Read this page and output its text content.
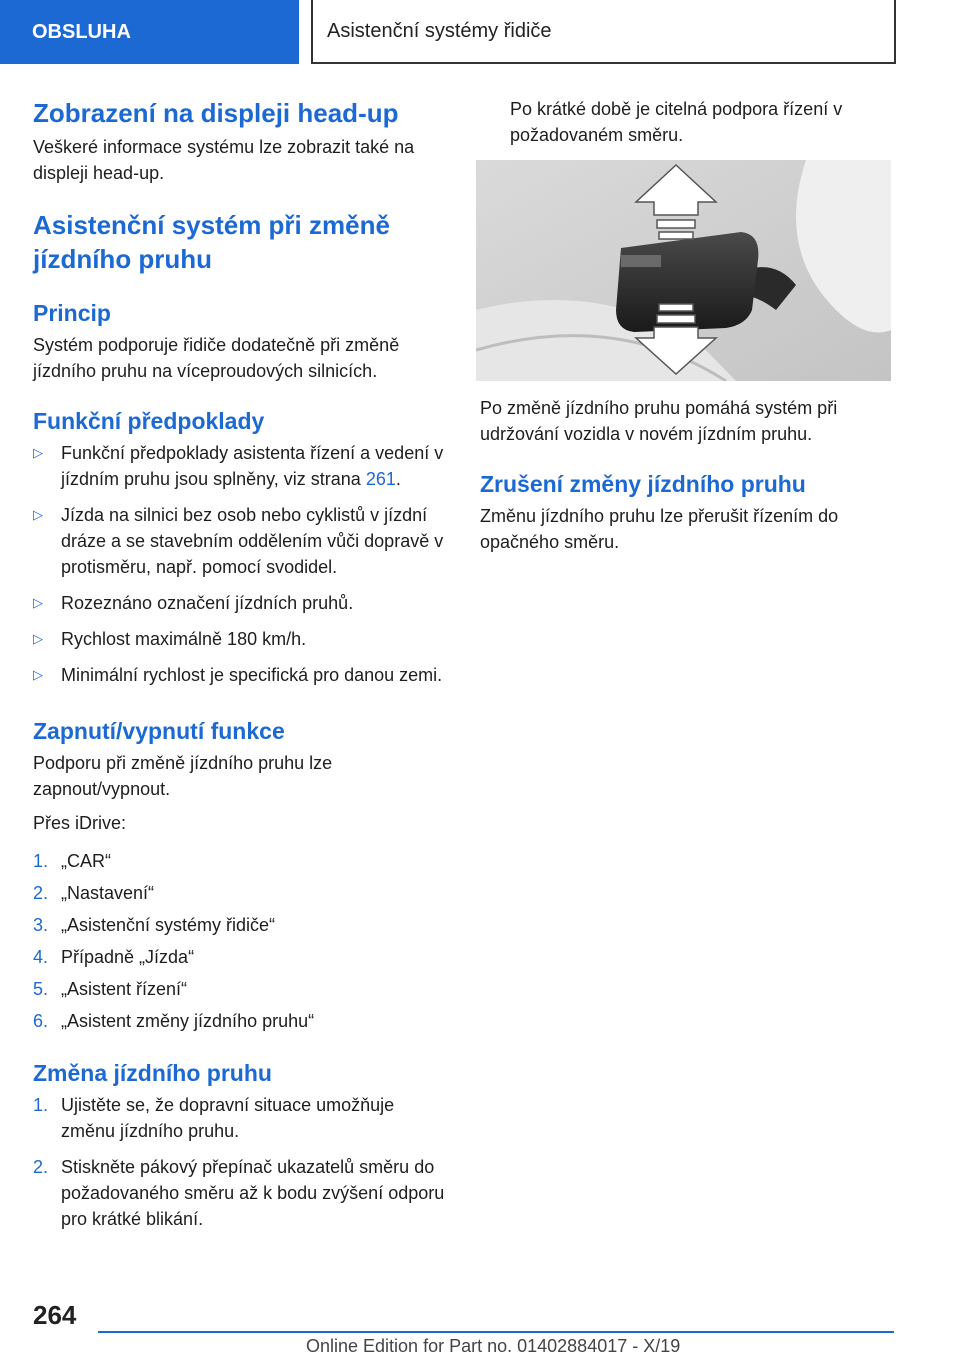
OBSLUHA	Asistenční systémy řidiče
Zobrazení na displeji head-up

Veškeré informace systému lze zobrazit také na displeji head-up.

Asistenční systém při změně jízdního pruhu
Princip

Systém podporuje řidiče dodatečně při změně jízdního pruhu na víceproudových silnicích.

Funkční předpoklady
▷ Funkční předpoklady asistenta řízení a vedení v jízdním pruhu jsou splněny, viz strana 261.
▷ Jízda na silnici bez osob nebo cyklistů v jízdní dráze a se stavebním oddělením vůči dopravě v protisměru, např. pomocí svodidel.
▷ Rozeznáno označení jízdních pruhů.
▷ Rychlost maximálně 180 km/h.
▷ Minimální rychlost je specifická pro danou zemi.
Zapnutí/vypnutí funkce

Podporu při změně jízdního pruhu lze zapnout/vypnout.

Přes iDrive:

1. „CAR“
2. „Nastavení“
3. „Asistenční systémy řidiče“
4. Případně „Jízda“
5. „Asistent řízení“
6. „Asistent změny jízdního pruhu“
Změna jízdního pruhu
1. Ujistěte se, že dopravní situace umožňuje změnu jízdního pruhu.
2. Stiskněte pákový přepínač ukazatelů směru do požadovaného směru až k bodu zvýšení odporu pro krátké blikání.

Po krátké době je citelná podpora řízení v požadovaném směru.

Po změně jízdního pruhu pomáhá systém při udržování vozidla v novém jízdním pruhu.

Zrušení změny jízdního pruhu

Změnu jízdního pruhu lze přerušit řízením do opačného směru.

264
Online Edition for Part no. 01402884017 - X/19
